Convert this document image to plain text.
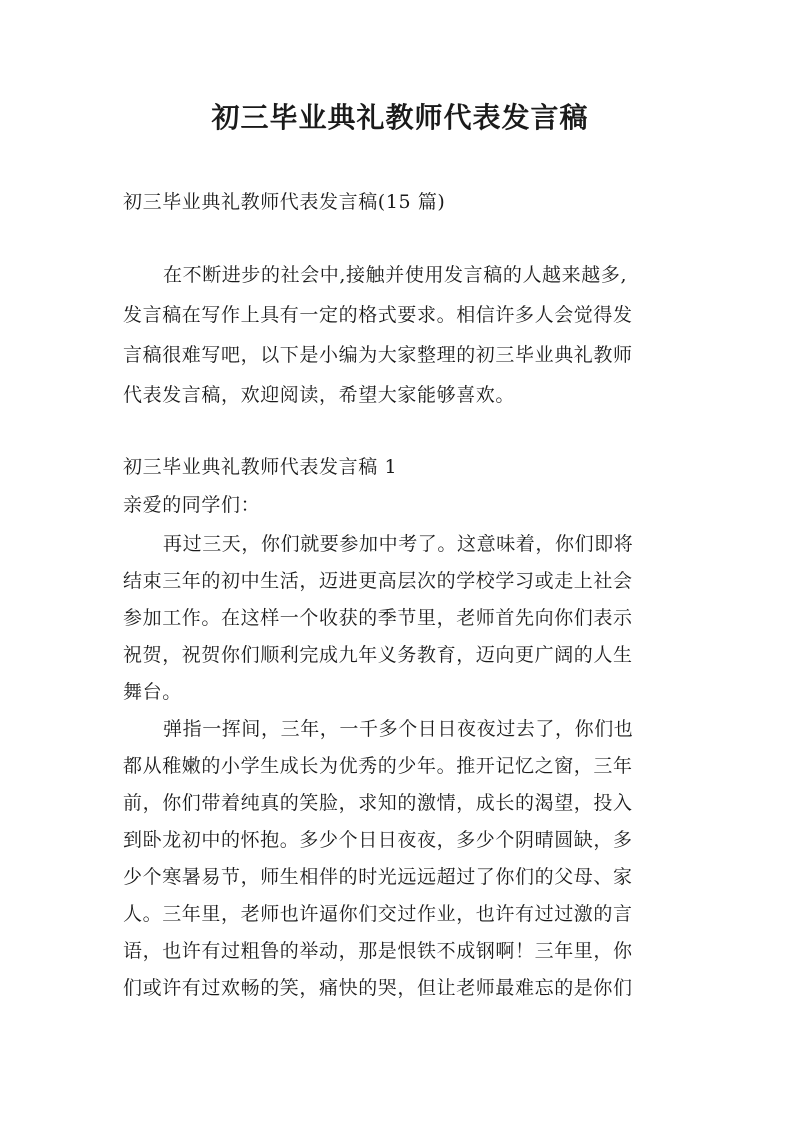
初三毕业典礼教师代表发言稿
初三毕业典礼教师代表发言稿(15 篇)
在不断进步的社会中,接触并使用发言稿的人越来越多,
发言稿在写作上具有一定的格式要求。相信许多人会觉得发
言稿很难写吧，以下是小编为大家整理的初三毕业典礼教师
代表发言稿，欢迎阅读，希望大家能够喜欢。
初三毕业典礼教师代表发言稿 1
亲爱的同学们：
再过三天，你们就要参加中考了。这意味着，你们即将
结束三年的初中生活，迈进更高层次的学校学习或走上社会
参加工作。在这样一个收获的季节里，老师首先向你们表示
祝贺，祝贺你们顺利完成九年义务教育，迈向更广阔的人生
舞台。
弹指一挥间，三年，一千多个日日夜夜过去了，你们也
都从稚嫩的小学生成长为优秀的少年。推开记忆之窗，三年
前，你们带着纯真的笑脸，求知的激情，成长的渴望，投入
到卧龙初中的怀抱。多少个日日夜夜，多少个阴晴圆缺，多
少个寒暑易节，师生相伴的时光远远超过了你们的父母、家
人。三年里，老师也许逼你们交过作业，也许有过过激的言
语，也许有过粗鲁的举动，那是恨铁不成钢啊！三年里，你
们或许有过欢畅的笑，痛快的哭，但让老师最难忘的是你们
